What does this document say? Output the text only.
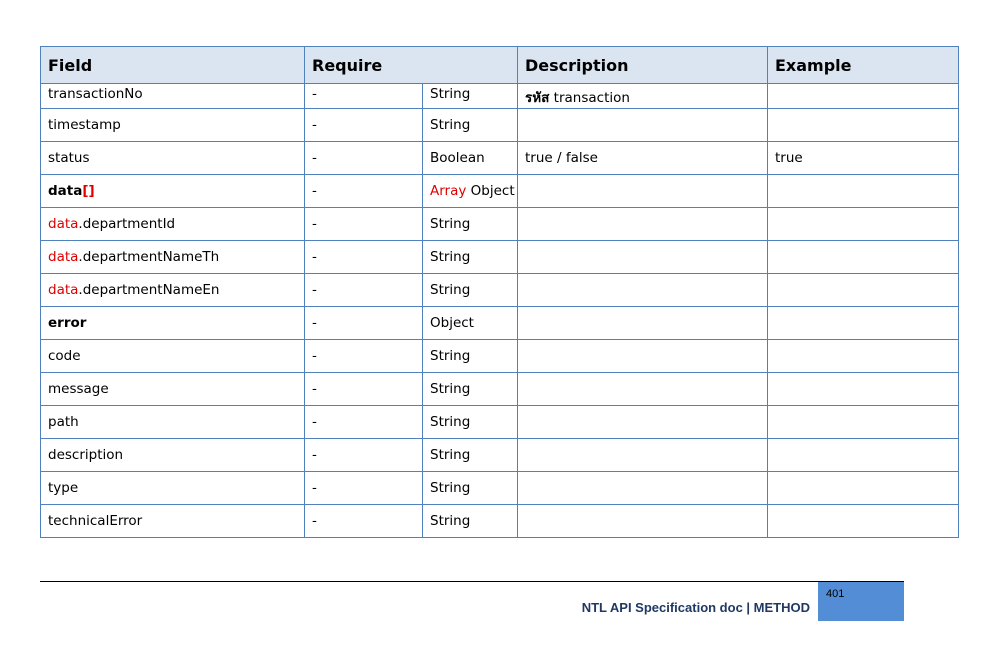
Field	Require		Description	Example
transactionNo	-	String	รหัส transaction	
timestamp	-	String		
status	-	Boolean	true / false	true
data[]	-	Array Object		
data.departmentId	-	String		
data.departmentNameTh	-	String		
data.departmentNameEn	-	String		
error	-	Object		
code	-	String		
message	-	String		
path	-	String		
description	-	String		
type	-	String		
technicalError	-	String		
NTL API Specification doc | METHOD
401
